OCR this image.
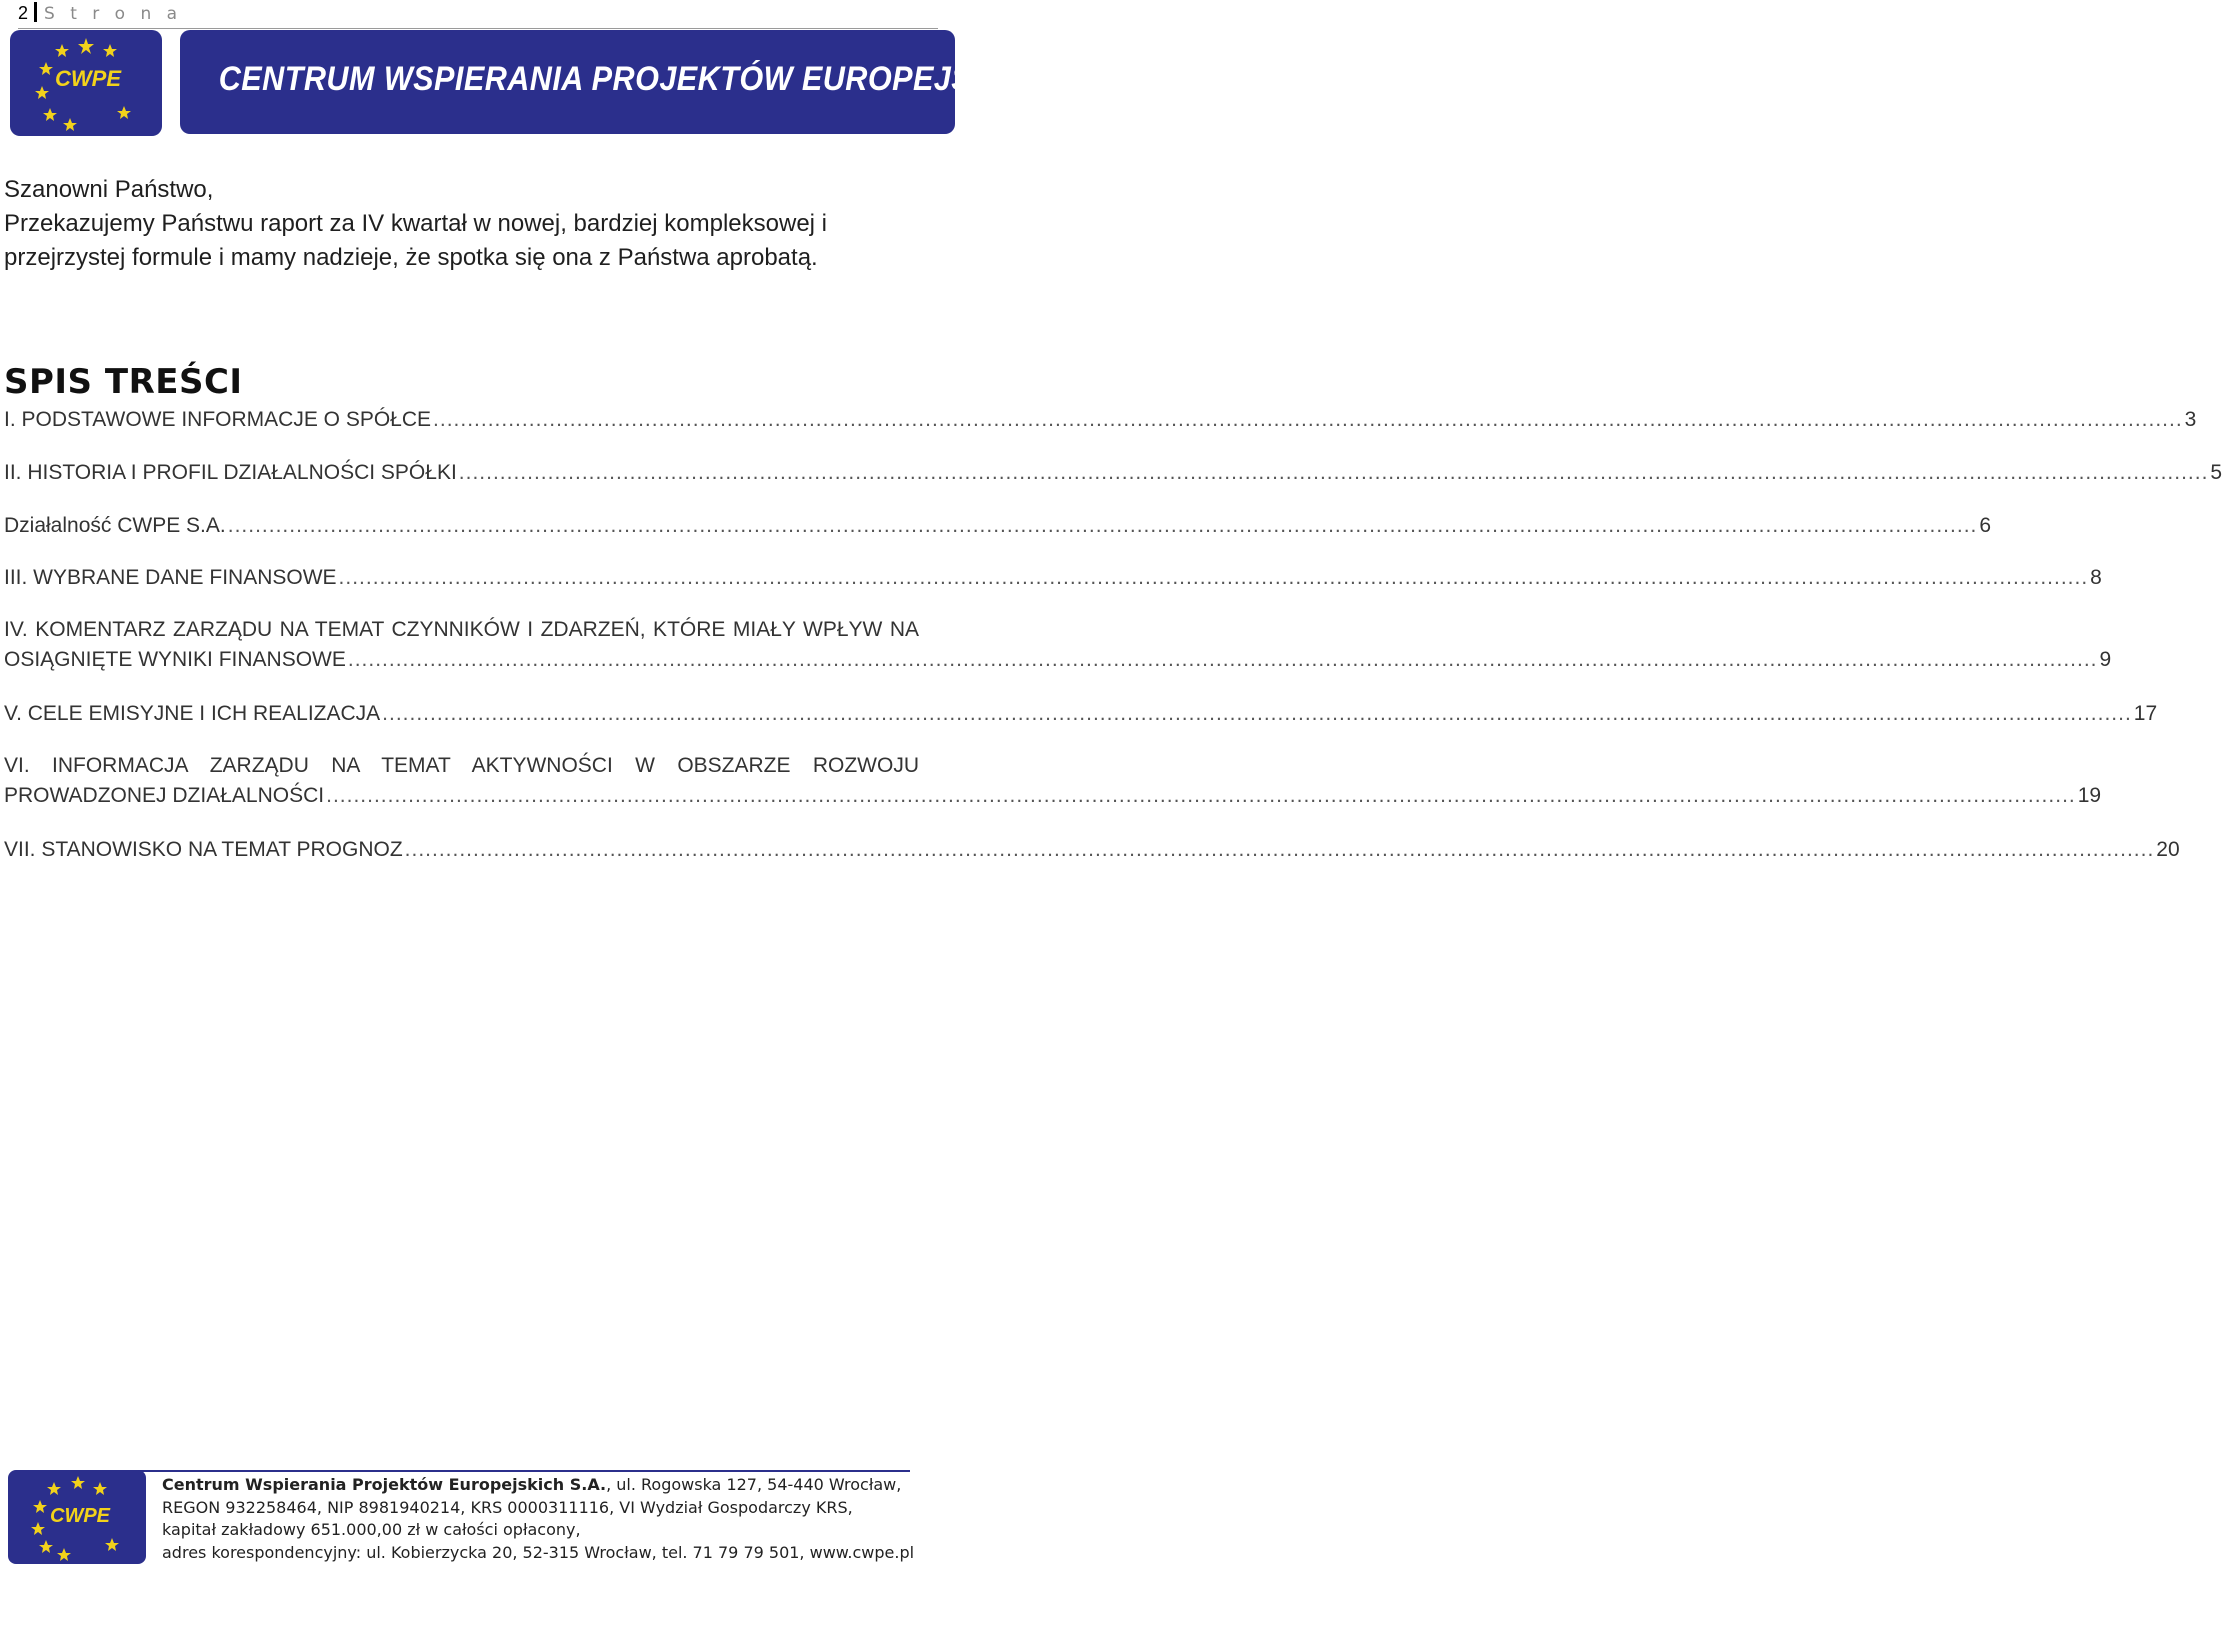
2 S t r o n a
CWPE	CENTRUM WSPIERANIA PROJEKTÓW EUROPEJSKICH S.A.
Szanowni Państwo,
Przekazujemy Państwu raport za IV kwartał w nowej, bardziej kompleksowej i
przejrzystej formule i mamy nadzieje, że spotka się ona z Państwa aprobatą.
SPIS TREŚCI
I. PODSTAWOWE INFORMACJE O SPÓŁCE .....	3
II. HISTORIA I PROFIL DZIAŁALNOŚCI SPÓŁKI .....	5
Działalność CWPE S.A. .....	6
III. WYBRANE DANE FINANSOWE .....	8
IV. KOMENTARZ ZARZĄDU NA TEMAT CZYNNIKÓW I ZDARZEŃ, KTÓRE MIAŁY WPŁYW NA
OSIĄGNIĘTE WYNIKI FINANSOWE .....	9
V. CELE EMISYJNE I ICH REALIZACJA .....	17
VI. INFORMACJA ZARZĄDU NA TEMAT AKTYWNOŚCI W OBSZARZE ROZWOJU
PROWADZONEJ DZIAŁALNOŚCI .....	19
VII. STANOWISKO NA TEMAT PROGNOZ .....	20
CWPE
Centrum Wspierania Projektów Europejskich S.A., ul. Rogowska 127, 54-440 Wrocław,
REGON 932258464, NIP 8981940214, KRS 0000311116, VI Wydział Gospodarczy KRS,
kapitał zakładowy 651.000,00 zł w całości opłacony,
adres korespondencyjny: ul. Kobierzycka 20, 52-315 Wrocław, tel. 71 79 79 501, www.cwpe.pl
